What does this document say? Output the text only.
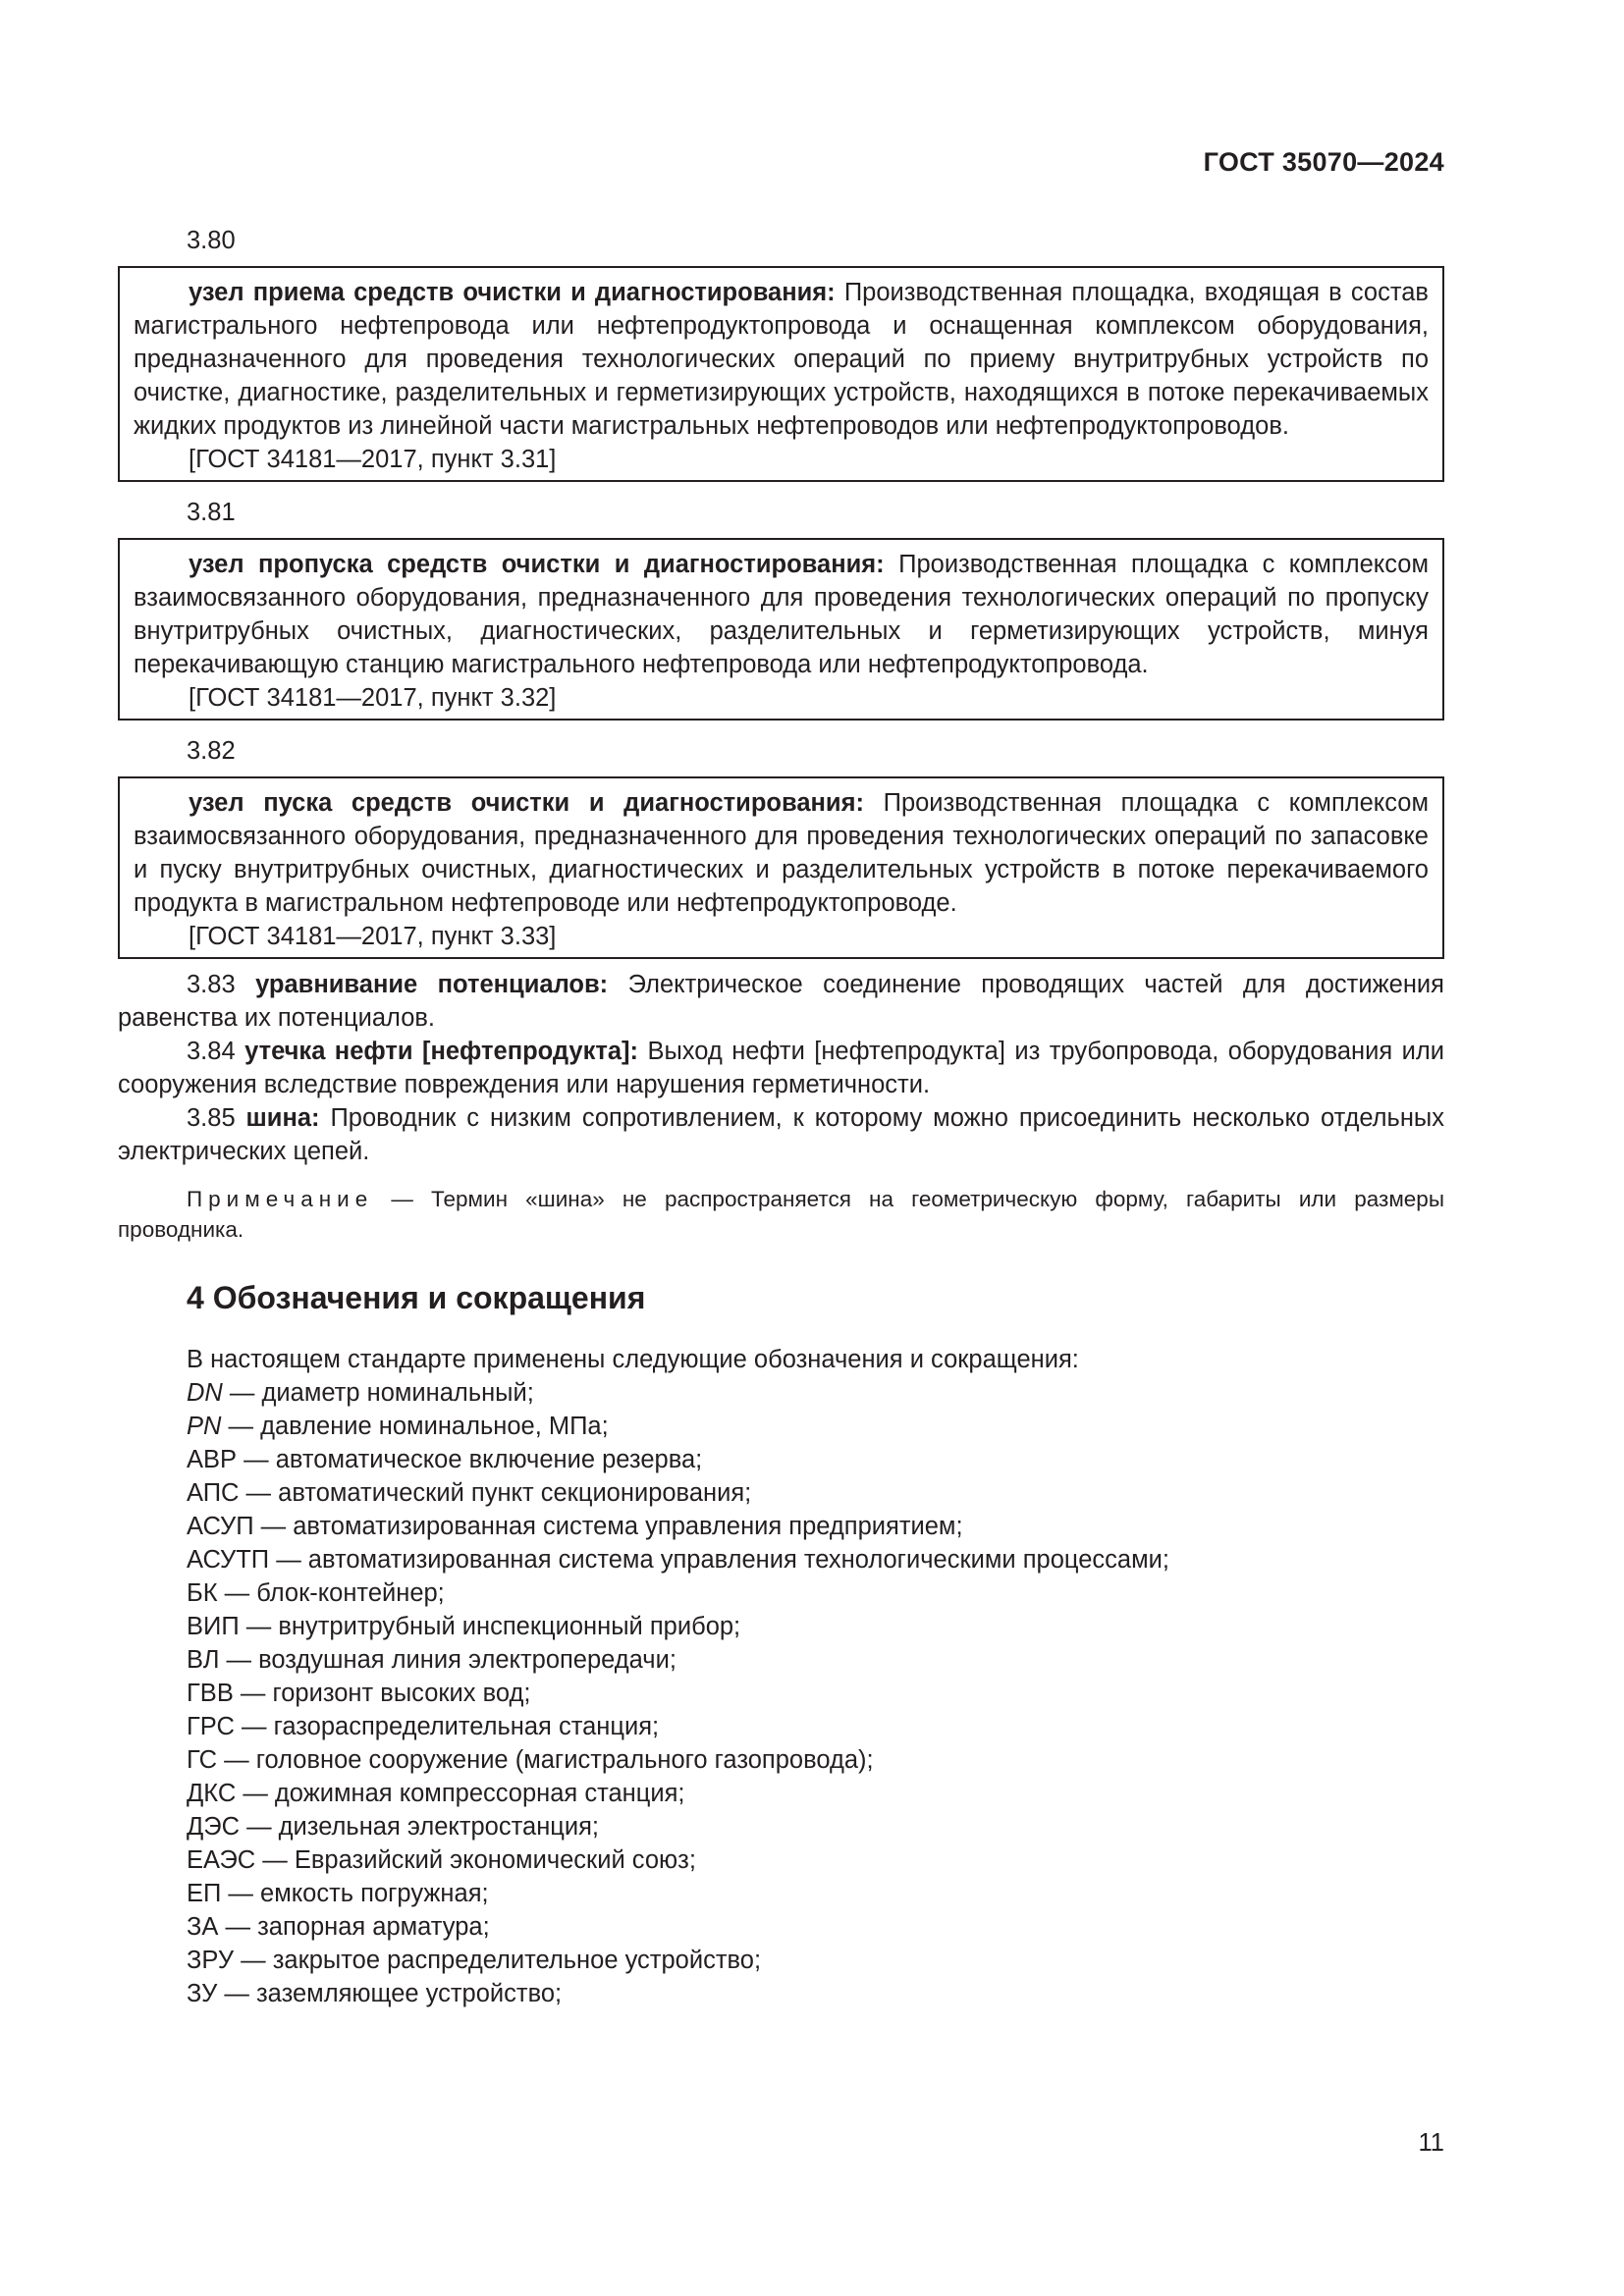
ГОСТ 35070—2024
3.80

узел приема средств очистки и диагностирования: Производственная площадка, входящая в состав магистрального нефтепровода или нефтепродуктопровода и оснащенная комплексом оборудования, предназначенного для проведения технологических операций по приему внутритрубных устройств по очистке, диагностике, разделительных и герметизирующих устройств, находящихся в потоке перекачиваемых жидких продуктов из линейной части магистральных нефтепроводов или нефтепродуктопроводов.

[ГОСТ 34181—2017, пункт 3.31]

3.81

узел пропуска средств очистки и диагностирования: Производственная площадка с комплексом взаимосвязанного оборудования, предназначенного для проведения технологических операций по пропуску внутритрубных очистных, диагностических, разделительных и герметизирующих устройств, минуя перекачивающую станцию магистрального нефтепровода или нефтепродуктопровода.

[ГОСТ 34181—2017, пункт 3.32]

3.82

узел пуска средств очистки и диагностирования: Производственная площадка с комплексом взаимосвязанного оборудования, предназначенного для проведения технологических операций по запасовке и пуску внутритрубных очистных, диагностических и разделительных устройств в потоке перекачиваемого продукта в магистральном нефтепроводе или нефтепродуктопроводе.

[ГОСТ 34181—2017, пункт 3.33]

3.83 уравнивание потенциалов: Электрическое соединение проводящих частей для достижения равенства их потенциалов.

3.84 утечка нефти [нефтепродукта]: Выход нефти [нефтепродукта] из трубопровода, оборудования или сооружения вследствие повреждения или нарушения герметичности.

3.85 шина: Проводник с низким сопротивлением, к которому можно присоединить несколько отдельных электрических цепей.

Примечание — Термин «шина» не распространяется на геометрическую форму, габариты или размеры проводника.

4 Обозначения и сокращения
В настоящем стандарте применены следующие обозначения и сокращения:
DN — диаметр номинальный;
PN — давление номинальное, МПа;
АВР — автоматическое включение резерва;
АПС — автоматический пункт секционирования;
АСУП — автоматизированная система управления предприятием;
АСУТП — автоматизированная система управления технологическими процессами;
БК — блок-контейнер;
ВИП — внутритрубный инспекционный прибор;
ВЛ — воздушная линия электропередачи;
ГВВ — горизонт высоких вод;
ГРС — газораспределительная станция;
ГС — головное сооружение (магистрального газопровода);
ДКС — дожимная компрессорная станция;
ДЭС — дизельная электростанция;
ЕАЭС — Евразийский экономический союз;
ЕП — емкость погружная;
ЗА — запорная арматура;
ЗРУ — закрытое распределительное устройство;
ЗУ — заземляющее устройство;
11
